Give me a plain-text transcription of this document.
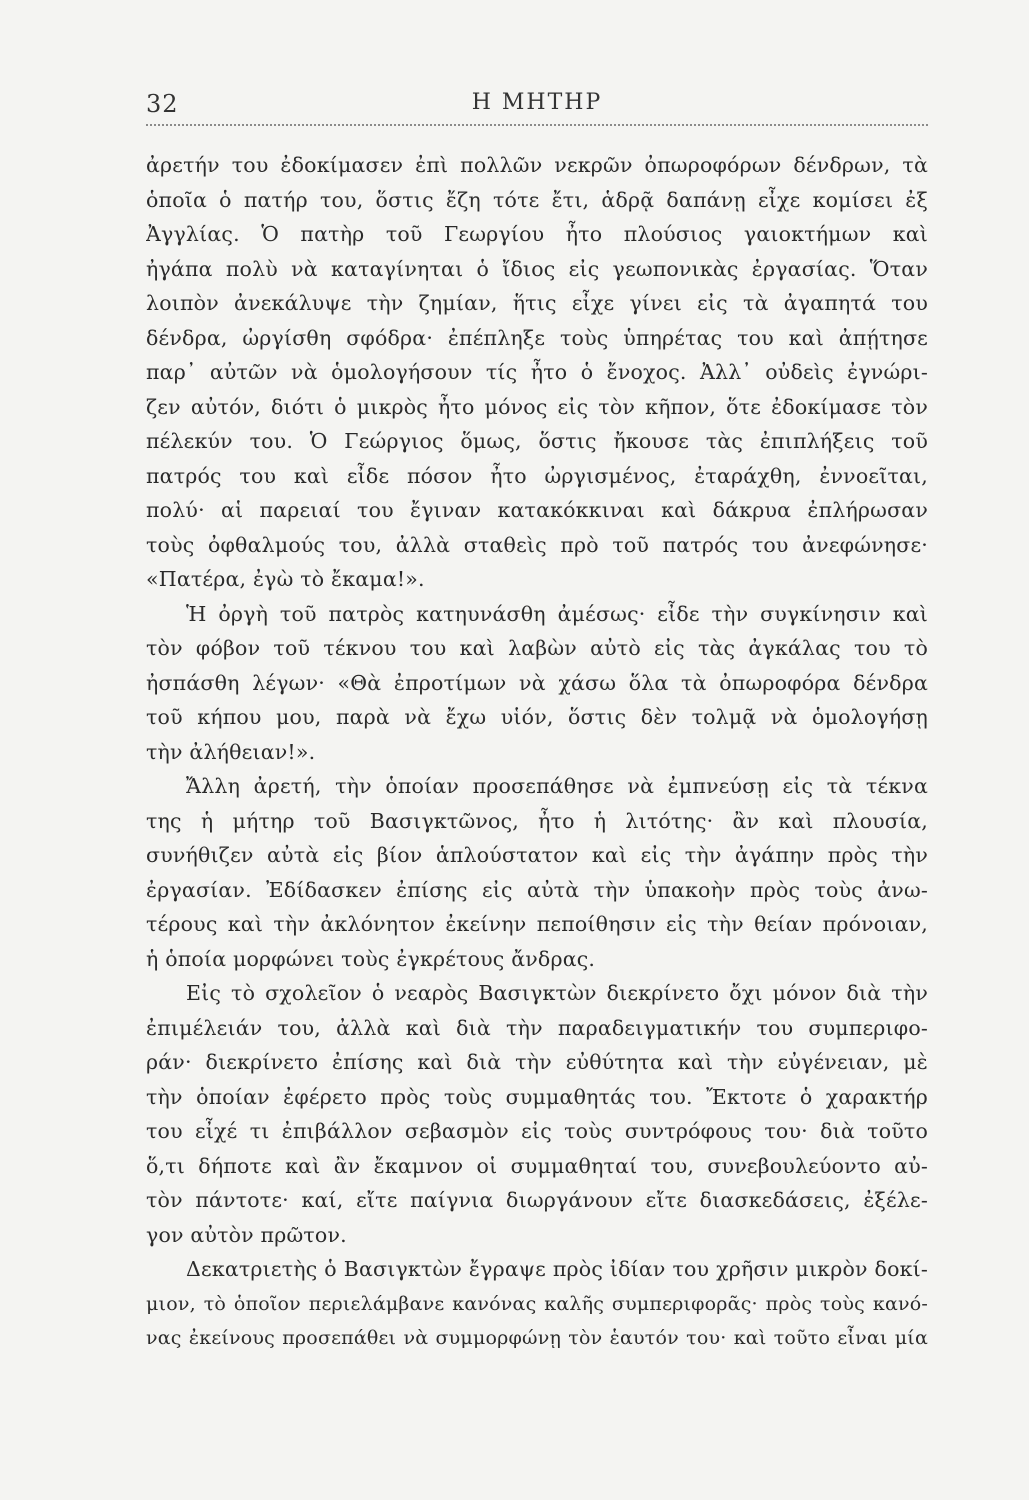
32	Η ΜΗΤΗΡ
ἀρετήν του ἐδοκίμασεν ἐπὶ πολλῶν νεκρῶν ὀπωροφόρων δένδρων, τὰ
ὁποῖα ὁ πατήρ του, ὅστις ἔζη τότε ἔτι, ἁδρᾷ δαπάνῃ εἶχε κομίσει ἐξ
Ἀγγλίας. Ὁ πατὴρ τοῦ Γεωργίου ἦτο πλούσιος γαιοκτήμων καὶ
ἠγάπα πολὺ νὰ καταγίνηται ὁ ἴδιος εἰς γεωπονικὰς ἐργασίας. Ὅταν
λοιπὸν ἀνεκάλυψε τὴν ζημίαν, ἥτις εἶχε γίνει εἰς τὰ ἀγαπητά του
δένδρα, ὠργίσθη σφόδρα· ἐπέπληξε τοὺς ὑπηρέτας του καὶ ἀπῄτησε
παρ᾽ αὐτῶν νὰ ὁμολογήσουν τίς ἦτο ὁ ἔνοχος. Ἀλλ᾽ οὐδεὶς ἐγνώρι-
ζεν αὐτόν, διότι ὁ μικρὸς ἦτο μόνος εἰς τὸν κῆπον, ὅτε ἐδοκίμασε τὸν
πέλεκύν του. Ὁ Γεώργιος ὅμως, ὅστις ἤκουσε τὰς ἐπιπλήξεις τοῦ
πατρός του καὶ εἶδε πόσον ἦτο ὠργισμένος, ἐταράχθη, ἐννοεῖται,
πολύ· αἱ παρειαί του ἔγιναν κατακόκκιναι καὶ δάκρυα ἐπλήρωσαν
τοὺς ὀφθαλμούς του, ἀλλὰ σταθεὶς πρὸ τοῦ πατρός του ἀνεφώνησε·
«Πατέρα, ἐγὼ τὸ ἔκαμα!».
Ἡ ὀργὴ τοῦ πατρὸς κατηυνάσθη ἀμέσως· εἶδε τὴν συγκίνησιν καὶ
τὸν φόβον τοῦ τέκνου του καὶ λαβὼν αὐτὸ εἰς τὰς ἀγκάλας του τὸ
ἠσπάσθη λέγων· «Θὰ ἐπροτίμων νὰ χάσω ὅλα τὰ ὀπωροφόρα δένδρα
τοῦ κήπου μου, παρὰ νὰ ἔχω υἱόν, ὅστις δὲν τολμᾷ νὰ ὁμολογήσῃ
τὴν ἀλήθειαν!».
Ἄλλη ἀρετή, τὴν ὁποίαν προσεπάθησε νὰ ἐμπνεύσῃ εἰς τὰ τέκνα
της ἡ μήτηρ τοῦ Βασιγκτῶνος, ἦτο ἡ λιτότης· ἂν καὶ πλουσία,
συνήθιζεν αὐτὰ εἰς βίον ἁπλούστατον καὶ εἰς τὴν ἀγάπην πρὸς τὴν
ἐργασίαν. Ἐδίδασκεν ἐπίσης εἰς αὐτὰ τὴν ὑπακοὴν πρὸς τοὺς ἀνω-
τέρους καὶ τὴν ἀκλόνητον ἐκείνην πεποίθησιν εἰς τὴν θείαν πρόνοιαν,
ἡ ὁποία μορφώνει τοὺς ἐγκρέτους ἄνδρας.
Εἰς τὸ σχολεῖον ὁ νεαρὸς Βασιγκτὼν διεκρίνετο ὄχι μόνον διὰ τὴν
ἐπιμέλειάν του, ἀλλὰ καὶ διὰ τὴν παραδειγματικήν του συμπεριφο-
ράν· διεκρίνετο ἐπίσης καὶ διὰ τὴν εὐθύτητα καὶ τὴν εὐγένειαν, μὲ
τὴν ὁποίαν ἐφέρετο πρὸς τοὺς συμμαθητάς του. Ἔκτοτε ὁ χαρακτήρ
του εἶχέ τι ἐπιβάλλον σεβασμὸν εἰς τοὺς συντρόφους του· διὰ τοῦτο
ὅ,τι δήποτε καὶ ἂν ἔκαμνον οἱ συμμαθηταί του, συνεβουλεύοντο αὐ-
τὸν πάντοτε· καί, εἴτε παίγνια διωργάνουν εἴτε διασκεδάσεις, ἐξέλε-
γον αὐτὸν πρῶτον.
Δεκατριετὴς ὁ Βασιγκτὼν ἔγραψε πρὸς ἰδίαν του χρῆσιν μικρὸν δοκί-
μιον, τὸ ὁποῖον περιελάμβανε κανόνας καλῆς συμπεριφορᾶς· πρὸς τοὺς κανό-
νας ἐκείνους προσεπάθει νὰ συμμορφώνῃ τὸν ἑαυτόν του· καὶ τοῦτο εἶναι μία
